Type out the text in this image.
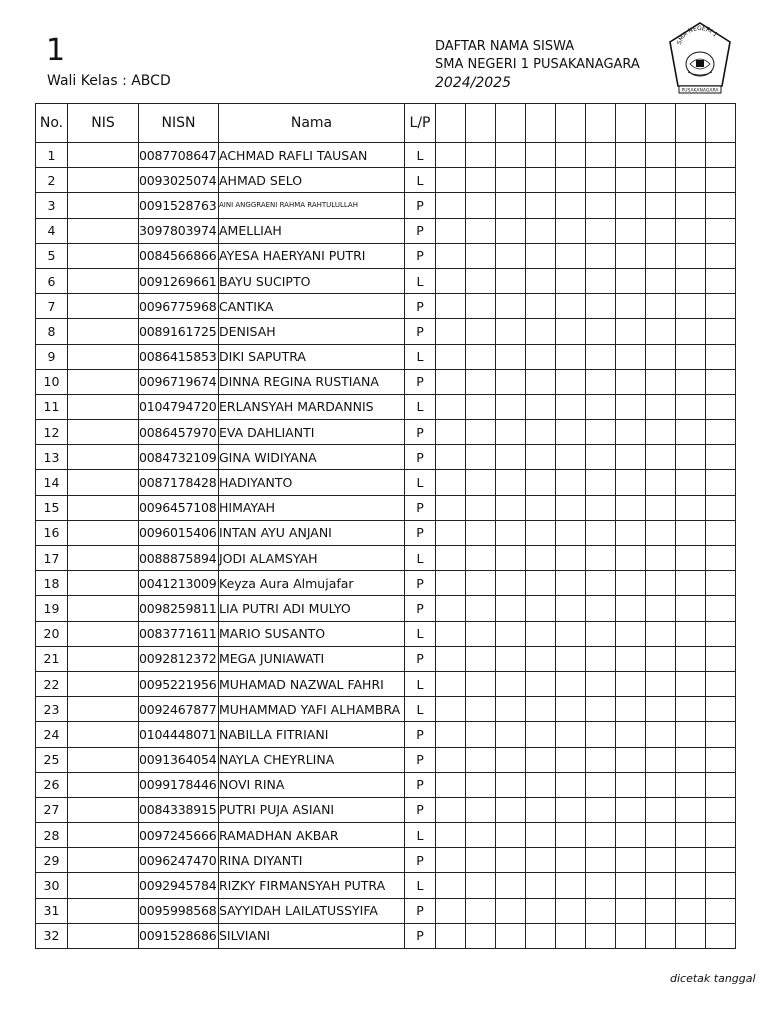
1
Wali Kelas : ABCD
DAFTAR NAMA SISWA
SMA NEGERI 1 PUSAKANAGARA
2024/2025
SMA NEGERI 1
PUSAKANAGARA
No.	NIS	NISN	Nama	L/P										
1		0087708647	ACHMAD RAFLI TAUSAN	L										
2		0093025074	AHMAD SELO	L										
3		0091528763	AINI ANGGRAENI RAHMA RAHTULULLAH	P										
4		3097803974	AMELLIAH	P										
5		0084566866	AYESA HAERYANI PUTRI	P										
6		0091269661	BAYU SUCIPTO	L										
7		0096775968	CANTIKA	P										
8		0089161725	DENISAH	P										
9		0086415853	DIKI SAPUTRA	L										
10		0096719674	DINNA REGINA RUSTIANA	P										
11		0104794720	ERLANSYAH MARDANNIS	L										
12		0086457970	EVA DAHLIANTI	P										
13		0084732109	GINA WIDIYANA	P										
14		0087178428	HADIYANTO	L										
15		0096457108	HIMAYAH	P										
16		0096015406	INTAN AYU ANJANI	P										
17		0088875894	JODI ALAMSYAH	L										
18		0041213009	Keyza Aura Almujafar	P										
19		0098259811	LIA PUTRI ADI MULYO	P										
20		0083771611	MARIO SUSANTO	L										
21		0092812372	MEGA JUNIAWATI	P										
22		0095221956	MUHAMAD NAZWAL FAHRI	L										
23		0092467877	MUHAMMAD YAFI ALHAMBRA	L										
24		0104448071	NABILLA FITRIANI	P										
25		0091364054	NAYLA CHEYRLINA	P										
26		0099178446	NOVI RINA	P										
27		0084338915	PUTRI PUJA ASIANI	P										
28		0097245666	RAMADHAN AKBAR	L										
29		0096247470	RINA DIYANTI	P										
30		0092945784	RIZKY FIRMANSYAH PUTRA	L										
31		0095998568	SAYYIDAH LAILATUSSYIFA	P										
32		0091528686	SILVIANI	P										
dicetak tanggal
